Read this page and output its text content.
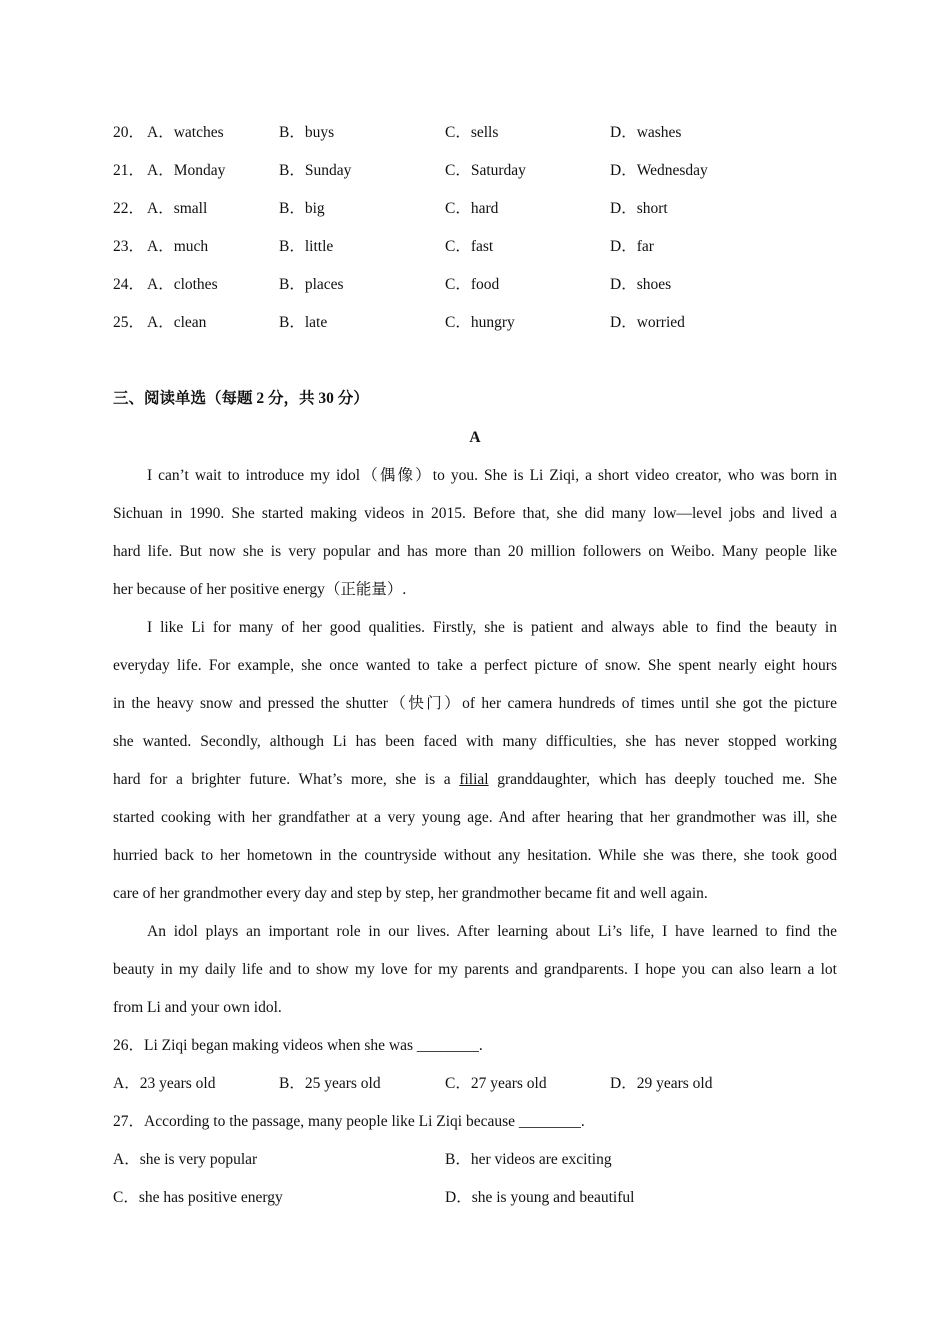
20． A．watches	B．buys	C．sells	D．washes
21． A．Monday	B．Sunday	C．Saturday	D．Wednesday
22． A．small	B．big	C．hard	D．short
23． A．much	B．little	C．fast	D．far
24． A．clothes	B．places	C．food	D．shoes
25． A．clean	B．late	C．hungry	D．worried
三、阅读单选（每题 2 分，共 30 分）
A
I can’t wait to introduce my idol（偶像）to you. She is Li Ziqi, a short video creator, who was born in
Sichuan in 1990. She started making videos in 2015. Before that, she did many low—level jobs and lived a
hard life. But now she is very popular and has more than 20 million followers on Weibo. Many people like
her because of her positive energy（正能量）.
I like Li for many of her good qualities. Firstly, she is patient and always able to find the beauty in
everyday life. For example, she once wanted to take a perfect picture of snow. She spent nearly eight hours
in the heavy snow and pressed the shutter（快门）of her camera hundreds of times until she got the picture
she wanted. Secondly, although Li has been faced with many difficulties, she has never stopped working
hard for a brighter future. What’s more, she is a filial granddaughter, which has deeply touched me. She
started cooking with her grandfather at a very young age. And after hearing that her grandmother was ill, she
hurried back to her hometown in the countryside without any hesitation. While she was there, she took good
care of her grandmother every day and step by step, her grandmother became fit and well again.
An idol plays an important role in our lives. After learning about Li’s life, I have learned to find the
beauty in my daily life and to show my love for my parents and grandparents. I hope you can also learn a lot
from Li and your own idol.
26．Li Ziqi began making videos when she was ________.
A．23 years old	B．25 years old	C．27 years old	D．29 years old
27．According to the passage, many people like Li Ziqi because ________.
A．she is very popular	B．her videos are exciting
C．she has positive energy	D．she is young and beautiful
